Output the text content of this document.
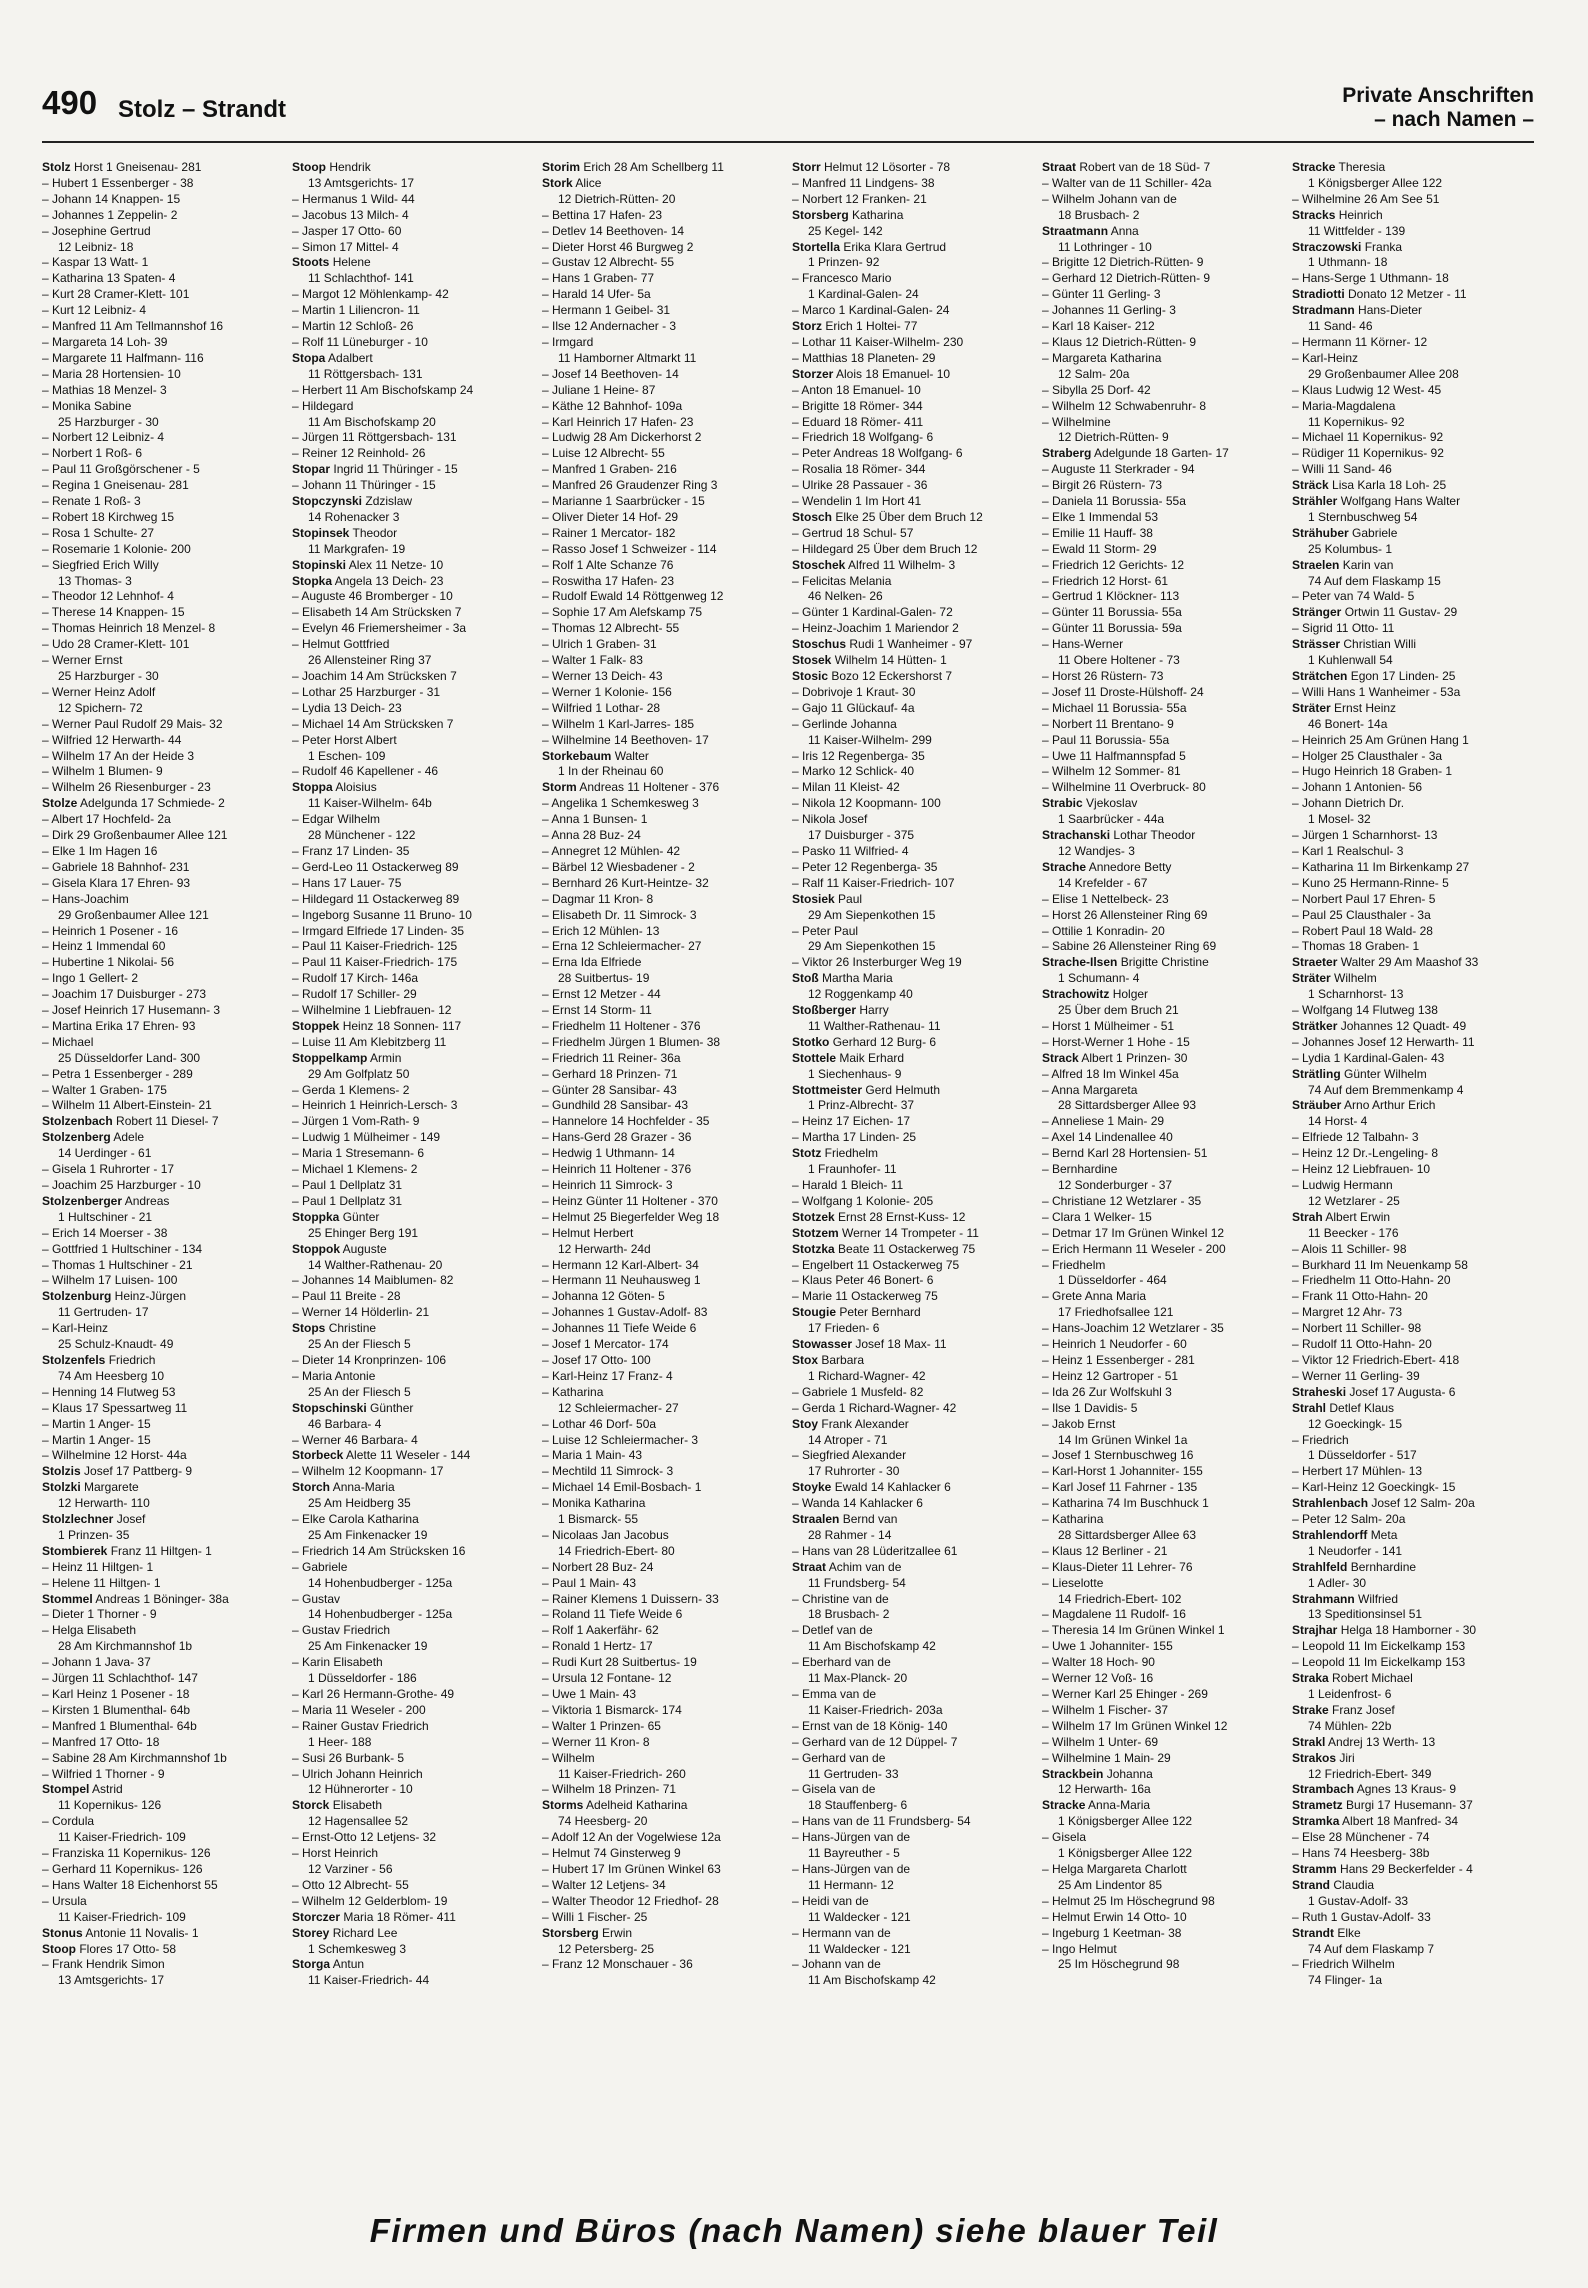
490 Stolz – Strandt
Private Anschriften
– nach Namen –
Stolz Horst 1 Gneisenau- 281
– Hubert 1 Essenberger - 38
– Johann 14 Knappen- 15
– Johannes 1 Zeppelin- 2
– Josephine Gertrud
12 Leibniz- 18
– Kaspar 13 Watt- 1
– Katharina 13 Spaten- 4
– Kurt 28 Cramer-Klett- 101
– Kurt 12 Leibniz- 4
– Manfred 11 Am Tellmannshof 16
– Margareta 14 Loh- 39
– Margarete 11 Halfmann- 116
– Maria 28 Hortensien- 10
– Mathias 18 Menzel- 3
– Monika Sabine
25 Harzburger - 30
– Norbert 12 Leibniz- 4
– Norbert 1 Roß- 6
– Paul 11 Großgörschener - 5
– Regina 1 Gneisenau- 281
– Renate 1 Roß- 3
– Robert 18 Kirchweg 15
– Rosa 1 Schulte- 27
– Rosemarie 1 Kolonie- 200
– Siegfried Erich Willy
13 Thomas- 3
– Theodor 12 Lehnhof- 4
– Therese 14 Knappen- 15
– Thomas Heinrich 18 Menzel- 8
– Udo 28 Cramer-Klett- 101
– Werner Ernst
25 Harzburger - 30
– Werner Heinz Adolf
12 Spichern- 72
– Werner Paul Rudolf 29 Mais- 32
– Wilfried 12 Herwarth- 44
– Wilhelm 17 An der Heide 3
– Wilhelm 1 Blumen- 9
– Wilhelm 26 Riesenburger - 23
Stolze Adelgunda 17 Schmiede- 2
– Albert 17 Hochfeld- 2a
– Dirk 29 Großenbaumer Allee 121
– Elke 1 Im Hagen 16
– Gabriele 18 Bahnhof- 231
– Gisela Klara 17 Ehren- 93
– Hans-Joachim
29 Großenbaumer Allee 121
– Heinrich 1 Posener - 16
– Heinz 1 Immendal 60
– Hubertine 1 Nikolai- 56
– Ingo 1 Gellert- 2
– Joachim 17 Duisburger - 273
– Josef Heinrich 17 Husemann- 3
– Martina Erika 17 Ehren- 93
– Michael
25 Düsseldorfer Land- 300
– Petra 1 Essenberger - 289
– Walter 1 Graben- 175
– Wilhelm 11 Albert-Einstein- 21
Stolzenbach Robert 11 Diesel- 7
Stolzenberg Adele
14 Uerdinger - 61
– Gisela 1 Ruhrorter - 17
– Joachim 25 Harzburger - 10
Stolzenberger Andreas
1 Hultschiner - 21
– Erich 14 Moerser - 38
– Gottfried 1 Hultschiner - 134
– Thomas 1 Hultschiner - 21
– Wilhelm 17 Luisen- 100
Stolzenburg Heinz-Jürgen
11 Gertruden- 17
– Karl-Heinz
25 Schulz-Knaudt- 49
Stolzenfels Friedrich
74 Am Heesberg 10
– Henning 14 Flutweg 53
– Klaus 17 Spessartweg 11
– Martin 1 Anger- 15
– Martin 1 Anger- 15
– Wilhelmine 12 Horst- 44a
Stolzis Josef 17 Pattberg- 9
Stolzki Margarete
12 Herwarth- 110
Stolzlechner Josef
1 Prinzen- 35
Stombierek Franz 11 Hiltgen- 1
– Heinz 11 Hiltgen- 1
– Helene 11 Hiltgen- 1
Stommel Andreas 1 Böninger- 38a
– Dieter 1 Thorner - 9
– Helga Elisabeth
28 Am Kirchmannshof 1b
– Johann 1 Java- 37
– Jürgen 11 Schlachthof- 147
– Karl Heinz 1 Posener - 18
– Kirsten 1 Blumenthal- 64b
– Manfred 1 Blumenthal- 64b
– Manfred 17 Otto- 18
– Sabine 28 Am Kirchmannshof 1b
– Wilfried 1 Thorner - 9
Stompel Astrid
11 Kopernikus- 126
– Cordula
11 Kaiser-Friedrich- 109
– Franziska 11 Kopernikus- 126
– Gerhard 11 Kopernikus- 126
– Hans Walter 18 Eichenhorst 55
– Ursula
11 Kaiser-Friedrich- 109
Stonus Antonie 11 Novalis- 1
Stoop Flores 17 Otto- 58
– Frank Hendrik Simon
13 Amtsgerichts- 17
Stoop Hendrik
13 Amtsgerichts- 17
– Hermanus 1 Wild- 44
– Jacobus 13 Milch- 4
– Jasper 17 Otto- 60
– Simon 17 Mittel- 4
Stoots Helene
11 Schlachthof- 141
– Margot 12 Möhlenkamp- 42
– Martin 1 Liliencron- 11
– Martin 12 Schloß- 26
– Rolf 11 Lüneburger - 10
Stopa Adalbert
11 Röttgersbach- 131
– Herbert 11 Am Bischofskamp 24
– Hildegard
11 Am Bischofskamp 20
– Jürgen 11 Röttgersbach- 131
– Reiner 12 Reinhold- 26
Stopar Ingrid 11 Thüringer - 15
– Johann 11 Thüringer - 15
Stopczynski Zdzislaw
14 Rohenacker 3
Stopinsek Theodor
11 Markgrafen- 19
Stopinski Alex 11 Netze- 10
Stopka Angela 13 Deich- 23
– Auguste 46 Bromberger - 10
– Elisabeth 14 Am Strücksken 7
– Evelyn 46 Friemersheimer - 3a
– Helmut Gottfried
26 Allensteiner Ring 37
– Joachim 14 Am Strücksken 7
– Lothar 25 Harzburger - 31
– Lydia 13 Deich- 23
– Michael 14 Am Strücksken 7
– Peter Horst Albert
1 Eschen- 109
– Rudolf 46 Kapellener - 46
Stoppa Aloisius
11 Kaiser-Wilhelm- 64b
– Edgar Wilhelm
28 Münchener - 122
– Franz 17 Linden- 35
– Gerd-Leo 11 Ostackerweg 89
– Hans 17 Lauer- 75
– Hildegard 11 Ostackerweg 89
– Ingeborg Susanne 11 Bruno- 10
– Irmgard Elfriede 17 Linden- 35
– Paul 11 Kaiser-Friedrich- 125
– Paul 11 Kaiser-Friedrich- 175
– Rudolf 17 Kirch- 146a
– Rudolf 17 Schiller- 29
– Wilhelmine 1 Liebfrauen- 12
Stoppek Heinz 18 Sonnen- 117
– Luise 11 Am Klebitzberg 11
Stoppelkamp Armin
29 Am Golfplatz 50
– Gerda 1 Klemens- 2
– Heinrich 1 Heinrich-Lersch- 3
– Jürgen 1 Vom-Rath- 9
– Ludwig 1 Mülheimer - 149
– Maria 1 Stresemann- 6
– Michael 1 Klemens- 2
– Paul 1 Dellplatz 31
– Paul 1 Dellplatz 31
Stoppka Günter
25 Ehinger Berg 191
Stoppok Auguste
14 Walther-Rathenau- 20
– Johannes 14 Maiblumen- 82
– Paul 11 Breite - 28
– Werner 14 Hölderlin- 21
Stops Christine
25 An der Fliesch 5
– Dieter 14 Kronprinzen- 106
– Maria Antonie
25 An der Fliesch 5
Stopschinski Günther
46 Barbara- 4
– Werner 46 Barbara- 4
Storbeck Alette 11 Weseler - 144
– Wilhelm 12 Koopmann- 17
Storch Anna-Maria
25 Am Heidberg 35
– Elke Carola Katharina
25 Am Finkenacker 19
– Friedrich 14 Am Strücksken 16
– Gabriele
14 Hohenbudberger - 125a
– Gustav
14 Hohenbudberger - 125a
– Gustav Friedrich
25 Am Finkenacker 19
– Karin Elisabeth
1 Düsseldorfer - 186
– Karl 26 Hermann-Grothe- 49
– Maria 11 Weseler - 200
– Rainer Gustav Friedrich
1 Heer- 188
– Susi 26 Burbank- 5
– Ulrich Johann Heinrich
12 Hühnerorter - 10
Storck Elisabeth
12 Hagensallee 52
– Ernst-Otto 12 Letjens- 32
– Horst Heinrich
12 Varziner - 56
– Otto 12 Albrecht- 55
– Wilhelm 12 Gelderblom- 19
Storczer Maria 18 Römer- 411
Storey Richard Lee
1 Schemkesweg 3
Storga Antun
11 Kaiser-Friedrich- 44
Storim Erich 28 Am Schellberg 11
Stork Alice
12 Dietrich-Rütten- 20
– Bettina 17 Hafen- 23
– Detlev 14 Beethoven- 14
– Dieter Horst 46 Burgweg 2
– Gustav 12 Albrecht- 55
– Hans 1 Graben- 77
– Harald 14 Ufer- 5a
– Hermann 1 Geibel- 31
– Ilse 12 Andernacher - 3
– Irmgard
11 Hamborner Altmarkt 11
– Josef 14 Beethoven- 14
– Juliane 1 Heine- 87
– Käthe 12 Bahnhof- 109a
– Karl Heinrich 17 Hafen- 23
– Ludwig 28 Am Dickerhorst 2
– Luise 12 Albrecht- 55
– Manfred 1 Graben- 216
– Manfred 26 Graudenzer Ring 3
– Marianne 1 Saarbrücker - 15
– Oliver Dieter 14 Hof- 29
– Rainer 1 Mercator- 182
– Rasso Josef 1 Schweizer - 114
– Rolf 1 Alte Schanze 76
– Roswitha 17 Hafen- 23
– Rudolf Ewald 14 Röttgenweg 12
– Sophie 17 Am Alefskamp 75
– Thomas 12 Albrecht- 55
– Ulrich 1 Graben- 31
– Walter 1 Falk- 83
– Werner 13 Deich- 43
– Werner 1 Kolonie- 156
– Wilfried 1 Lothar- 28
– Wilhelm 1 Karl-Jarres- 185
– Wilhelmine 14 Beethoven- 17
Storkebaum Walter
1 In der Rheinau 60
Storm Andreas 11 Holtener - 376
– Angelika 1 Schemkesweg 3
– Anna 1 Bunsen- 1
– Anna 28 Buz- 24
– Annegret 12 Mühlen- 42
– Bärbel 12 Wiesbadener - 2
– Bernhard 26 Kurt-Heintze- 32
– Dagmar 11 Kron- 8
– Elisabeth Dr. 11 Simrock- 3
– Erich 12 Mühlen- 13
– Erna 12 Schleiermacher- 27
– Erna Ida Elfriede
28 Suitbertus- 19
– Ernst 12 Metzer - 44
– Ernst 14 Storm- 11
– Friedhelm 11 Holtener - 376
– Friedhelm Jürgen 1 Blumen- 38
– Friedrich 11 Reiner- 36a
– Gerhard 18 Prinzen- 71
– Günter 28 Sansibar- 43
– Gundhild 28 Sansibar- 43
– Hannelore 14 Hochfelder - 35
– Hans-Gerd 28 Grazer - 36
– Hedwig 1 Uthmann- 14
– Heinrich 11 Holtener - 376
– Heinrich 11 Simrock- 3
– Heinz Günter 11 Holtener - 370
– Helmut 25 Biegerfelder Weg 18
– Helmut Herbert
12 Herwarth- 24d
– Hermann 12 Karl-Albert- 34
– Hermann 11 Neuhausweg 1
– Johanna 12 Göten- 5
– Johannes 1 Gustav-Adolf- 83
– Johannes 11 Tiefe Weide 6
– Josef 1 Mercator- 174
– Josef 17 Otto- 100
– Karl-Heinz 17 Franz- 4
– Katharina
12 Schleiermacher- 27
– Lothar 46 Dorf- 50a
– Luise 12 Schleiermacher- 3
– Maria 1 Main- 43
– Mechtild 11 Simrock- 3
– Michael 14 Emil-Bosbach- 1
– Monika Katharina
1 Bismarck- 55
– Nicolaas Jan Jacobus
14 Friedrich-Ebert- 80
– Norbert 28 Buz- 24
– Paul 1 Main- 43
– Rainer Klemens 1 Duissern- 33
– Roland 11 Tiefe Weide 6
– Rolf 1 Aakerfähr- 62
– Ronald 1 Hertz- 17
– Rudi Kurt 28 Suitbertus- 19
– Ursula 12 Fontane- 12
– Uwe 1 Main- 43
– Viktoria 1 Bismarck- 174
– Walter 1 Prinzen- 65
– Werner 11 Kron- 8
– Wilhelm
11 Kaiser-Friedrich- 260
– Wilhelm 18 Prinzen- 71
Storms Adelheid Katharina
74 Heesberg- 20
– Adolf 12 An der Vogelwiese 12a
– Helmut 74 Ginsterweg 9
– Hubert 17 Im Grünen Winkel 63
– Walter 12 Letjens- 34
– Walter Theodor 12 Friedhof- 28
– Willi 1 Fischer- 25
Storsberg Erwin
12 Petersberg- 25
– Franz 12 Monschauer - 36
Storr Helmut 12 Lösorter - 78
– Manfred 11 Lindgens- 38
– Norbert 12 Franken- 21
Storsberg Katharina
25 Kegel- 142
Stortella Erika Klara Gertrud
1 Prinzen- 92
– Francesco Mario
1 Kardinal-Galen- 24
– Marco 1 Kardinal-Galen- 24
Storz Erich 1 Holtei- 77
– Lothar 11 Kaiser-Wilhelm- 230
– Matthias 18 Planeten- 29
Storzer Alois 18 Emanuel- 10
– Anton 18 Emanuel- 10
– Brigitte 18 Römer- 344
– Eduard 18 Römer- 411
– Friedrich 18 Wolfgang- 6
– Peter Andreas 18 Wolfgang- 6
– Rosalia 18 Römer- 344
– Ulrike 28 Passauer - 36
– Wendelin 1 Im Hort 41
Stosch Elke 25 Über dem Bruch 12
– Gertrud 18 Schul- 57
– Hildegard 25 Über dem Bruch 12
Stoschek Alfred 11 Wilhelm- 3
– Felicitas Melania
46 Nelken- 26
– Günter 1 Kardinal-Galen- 72
– Heinz-Joachim 1 Mariendor 2
Stoschus Rudi 1 Wanheimer - 97
Stosek Wilhelm 14 Hütten- 1
Stosic Bozo 12 Eckershorst 7
– Dobrivoje 1 Kraut- 30
– Gajo 11 Glückauf- 4a
– Gerlinde Johanna
11 Kaiser-Wilhelm- 299
– Iris 12 Regenberga- 35
– Marko 12 Schlick- 40
– Milan 11 Kleist- 42
– Nikola 12 Koopmann- 100
– Nikola Josef
17 Duisburger - 375
– Pasko 11 Wilfried- 4
– Peter 12 Regenberga- 35
– Ralf 11 Kaiser-Friedrich- 107
Stosiek Paul
29 Am Siepenkothen 15
– Peter Paul
29 Am Siepenkothen 15
– Viktor 26 Insterburger Weg 19
Stoß Martha Maria
12 Roggenkamp 40
Stoßberger Harry
11 Walther-Rathenau- 11
Stotko Gerhard 12 Burg- 6
Stottele Maik Erhard
1 Siechenhaus- 9
Stottmeister Gerd Helmuth
1 Prinz-Albrecht- 37
– Heinz 17 Eichen- 17
– Martha 17 Linden- 25
Stotz Friedhelm
1 Fraunhofer- 11
– Harald 1 Bleich- 11
– Wolfgang 1 Kolonie- 205
Stotzek Ernst 28 Ernst-Kuss- 12
Stotzem Werner 14 Trompeter - 11
Stotzka Beate 11 Ostackerweg 75
– Engelbert 11 Ostackerweg 75
– Klaus Peter 46 Bonert- 6
– Marie 11 Ostackerweg 75
Stougie Peter Bernhard
17 Frieden- 6
Stowasser Josef 18 Max- 11
Stox Barbara
1 Richard-Wagner- 42
– Gabriele 1 Musfeld- 82
– Gerda 1 Richard-Wagner- 42
Stoy Frank Alexander
14 Atroper - 71
– Siegfried Alexander
17 Ruhrorter - 30
Stoyke Ewald 14 Kahlacker 6
– Wanda 14 Kahlacker 6
Straalen Bernd van
28 Rahmer - 14
– Hans van 28 Lüderitzallee 61
Straat Achim van de
11 Frundsberg- 54
– Christine van de
18 Brusbach- 2
– Detlef van de
11 Am Bischofskamp 42
– Eberhard van de
11 Max-Planck- 20
– Emma van de
11 Kaiser-Friedrich- 203a
– Ernst van de 18 König- 140
– Gerhard van de 12 Düppel- 7
– Gerhard van de
11 Gertruden- 33
– Gisela van de
18 Stauffenberg- 6
– Hans van de 11 Frundsberg- 54
– Hans-Jürgen van de
11 Bayreuther - 5
– Hans-Jürgen van de
11 Hermann- 12
– Heidi van de
11 Waldecker - 121
– Hermann van de
11 Waldecker - 121
– Johann van de
11 Am Bischofskamp 42
Straat Robert van de 18 Süd- 7
– Walter van de 11 Schiller- 42a
– Wilhelm Johann van de
18 Brusbach- 2
Straatmann Anna
11 Lothringer - 10
– Brigitte 12 Dietrich-Rütten- 9
– Gerhard 12 Dietrich-Rütten- 9
– Günter 11 Gerling- 3
– Johannes 11 Gerling- 3
– Karl 18 Kaiser- 212
– Klaus 12 Dietrich-Rütten- 9
– Margareta Katharina
12 Salm- 20a
– Sibylla 25 Dorf- 42
– Wilhelm 12 Schwabenruhr- 8
– Wilhelmine
12 Dietrich-Rütten- 9
Straberg Adelgunde 18 Garten- 17
– Auguste 11 Sterkrader - 94
– Birgit 26 Rüstern- 73
– Daniela 11 Borussia- 55a
– Elke 1 Immendal 53
– Emilie 11 Hauff- 38
– Ewald 11 Storm- 29
– Friedrich 12 Gerichts- 12
– Friedrich 12 Horst- 61
– Gertrud 1 Klöckner- 113
– Günter 11 Borussia- 55a
– Günter 11 Borussia- 59a
– Hans-Werner
11 Obere Holtener - 73
– Horst 26 Rüstern- 73
– Josef 11 Droste-Hülshoff- 24
– Michael 11 Borussia- 55a
– Norbert 11 Brentano- 9
– Paul 11 Borussia- 55a
– Uwe 11 Halfmannspfad 5
– Wilhelm 12 Sommer- 81
– Wilhelmine 11 Overbruck- 80
Strabic Vjekoslav
1 Saarbrücker - 44a
Strachanski Lothar Theodor
12 Wandjes- 3
Strache Annedore Betty
14 Krefelder - 67
– Elise 1 Nettelbeck- 23
– Horst 26 Allensteiner Ring 69
– Ottilie 1 Konradin- 20
– Sabine 26 Allensteiner Ring 69
Strache-Ilsen Brigitte Christine
1 Schumann- 4
Strachowitz Holger
25 Über dem Bruch 21
– Horst 1 Mülheimer - 51
– Horst-Werner 1 Hohe - 15
Strack Albert 1 Prinzen- 30
– Alfred 18 Im Winkel 45a
– Anna Margareta
28 Sittardsberger Allee 93
– Anneliese 1 Main- 29
– Axel 14 Lindenallee 40
– Bernd Karl 28 Hortensien- 51
– Bernhardine
12 Sonderburger - 37
– Christiane 12 Wetzlarer - 35
– Clara 1 Welker- 15
– Detmar 17 Im Grünen Winkel 12
– Erich Hermann 11 Weseler - 200
– Friedhelm
1 Düsseldorfer - 464
– Grete Anna Maria
17 Friedhofsallee 121
– Hans-Joachim 12 Wetzlarer - 35
– Heinrich 1 Neudorfer - 60
– Heinz 1 Essenberger - 281
– Heinz 12 Gartroper - 51
– Ida 26 Zur Wolfskuhl 3
– Ilse 1 Davidis- 5
– Jakob Ernst
14 Im Grünen Winkel 1a
– Josef 1 Sternbuschweg 16
– Karl-Horst 1 Johanniter- 155
– Karl Josef 11 Fahrner - 135
– Katharina 74 Im Buschhuck 1
– Katharina
28 Sittardsberger Allee 63
– Klaus 12 Berliner - 21
– Klaus-Dieter 11 Lehrer- 76
– Lieselotte
14 Friedrich-Ebert- 102
– Magdalene 11 Rudolf- 16
– Theresia 14 Im Grünen Winkel 1
– Uwe 1 Johanniter- 155
– Walter 18 Hoch- 90
– Werner 12 Voß- 16
– Werner Karl 25 Ehinger - 269
– Wilhelm 1 Fischer- 37
– Wilhelm 17 Im Grünen Winkel 12
– Wilhelm 1 Unter- 69
– Wilhelmine 1 Main- 29
Strackbein Johanna
12 Herwarth- 16a
Stracke Anna-Maria
1 Königsberger Allee 122
– Gisela
1 Königsberger Allee 122
– Helga Margareta Charlott
25 Am Lindentor 85
– Helmut 25 Im Höschegrund 98
– Helmut Erwin 14 Otto- 10
– Ingeburg 1 Keetman- 38
– Ingo Helmut
25 Im Höschegrund 98
Stracke Theresia
1 Königsberger Allee 122
– Wilhelmine 26 Am See 51
Stracks Heinrich
11 Wittfelder - 139
Straczowski Franka
1 Uthmann- 18
– Hans-Serge 1 Uthmann- 18
Stradiotti Donato 12 Metzer - 11
Stradmann Hans-Dieter
11 Sand- 46
– Hermann 11 Körner- 12
– Karl-Heinz
29 Großenbaumer Allee 208
– Klaus Ludwig 12 West- 45
– Maria-Magdalena
11 Kopernikus- 92
– Michael 11 Kopernikus- 92
– Rüdiger 11 Kopernikus- 92
– Willi 11 Sand- 46
Sträck Lisa Karla 18 Loh- 25
Strähler Wolfgang Hans Walter
1 Sternbuschweg 54
Strähuber Gabriele
25 Kolumbus- 1
Straelen Karin van
74 Auf dem Flaskamp 15
– Peter van 74 Wald- 5
Stränger Ortwin 11 Gustav- 29
– Sigrid 11 Otto- 11
Strässer Christian Willi
1 Kuhlenwall 54
Strätchen Egon 17 Linden- 25
– Willi Hans 1 Wanheimer - 53a
Sträter Ernst Heinz
46 Bonert- 14a
– Heinrich 25 Am Grünen Hang 1
– Holger 25 Clausthaler - 3a
– Hugo Heinrich 18 Graben- 1
– Johann 1 Antonien- 56
– Johann Dietrich Dr.
1 Mosel- 32
– Jürgen 1 Scharnhorst- 13
– Karl 1 Realschul- 3
– Katharina 11 Im Birkenkamp 27
– Kuno 25 Hermann-Rinne- 5
– Norbert Paul 17 Ehren- 5
– Paul 25 Clausthaler - 3a
– Robert Paul 18 Wald- 28
– Thomas 18 Graben- 1
Straeter Walter 29 Am Maashof 33
Sträter Wilhelm
1 Scharnhorst- 13
– Wolfgang 14 Flutweg 138
Strätker Johannes 12 Quadt- 49
– Johannes Josef 12 Herwarth- 11
– Lydia 1 Kardinal-Galen- 43
Strätling Günter Wilhelm
74 Auf dem Bremmenkamp 4
Sträuber Arno Arthur Erich
14 Horst- 4
– Elfriede 12 Talbahn- 3
– Heinz 12 Dr.-Lengeling- 8
– Heinz 12 Liebfrauen- 10
– Ludwig Hermann
12 Wetzlarer - 25
Strah Albert Erwin
11 Beecker - 176
– Alois 11 Schiller- 98
– Burkhard 11 Im Neuenkamp 58
– Friedhelm 11 Otto-Hahn- 20
– Frank 11 Otto-Hahn- 20
– Margret 12 Ahr- 73
– Norbert 11 Schiller- 98
– Rudolf 11 Otto-Hahn- 20
– Viktor 12 Friedrich-Ebert- 418
– Werner 11 Gerling- 39
Straheski Josef 17 Augusta- 6
Strahl Detlef Klaus
12 Goeckingk- 15
– Friedrich
1 Düsseldorfer - 517
– Herbert 17 Mühlen- 13
– Karl-Heinz 12 Goeckingk- 15
Strahlenbach Josef 12 Salm- 20a
– Peter 12 Salm- 20a
Strahlendorff Meta
1 Neudorfer - 141
Strahlfeld Bernhardine
1 Adler- 30
Strahmann Wilfried
13 Speditionsinsel 51
Strajhar Helga 18 Hamborner - 30
– Leopold 11 Im Eickelkamp 153
– Leopold 11 Im Eickelkamp 153
Straka Robert Michael
1 Leidenfrost- 6
Strake Franz Josef
74 Mühlen- 22b
Strakl Andrej 13 Werth- 13
Strakos Jiri
12 Friedrich-Ebert- 349
Strambach Agnes 13 Kraus- 9
Strametz Burgi 17 Husemann- 37
Stramka Albert 18 Manfred- 34
– Else 28 Münchener - 74
– Hans 74 Heesberg- 38b
Stramm Hans 29 Beckerfelder - 4
Strand Claudia
1 Gustav-Adolf- 33
– Ruth 1 Gustav-Adolf- 33
Strandt Elke
74 Auf dem Flaskamp 7
– Friedrich Wilhelm
74 Flinger- 1a
Firmen und Büros (nach Namen) siehe blauer Teil
